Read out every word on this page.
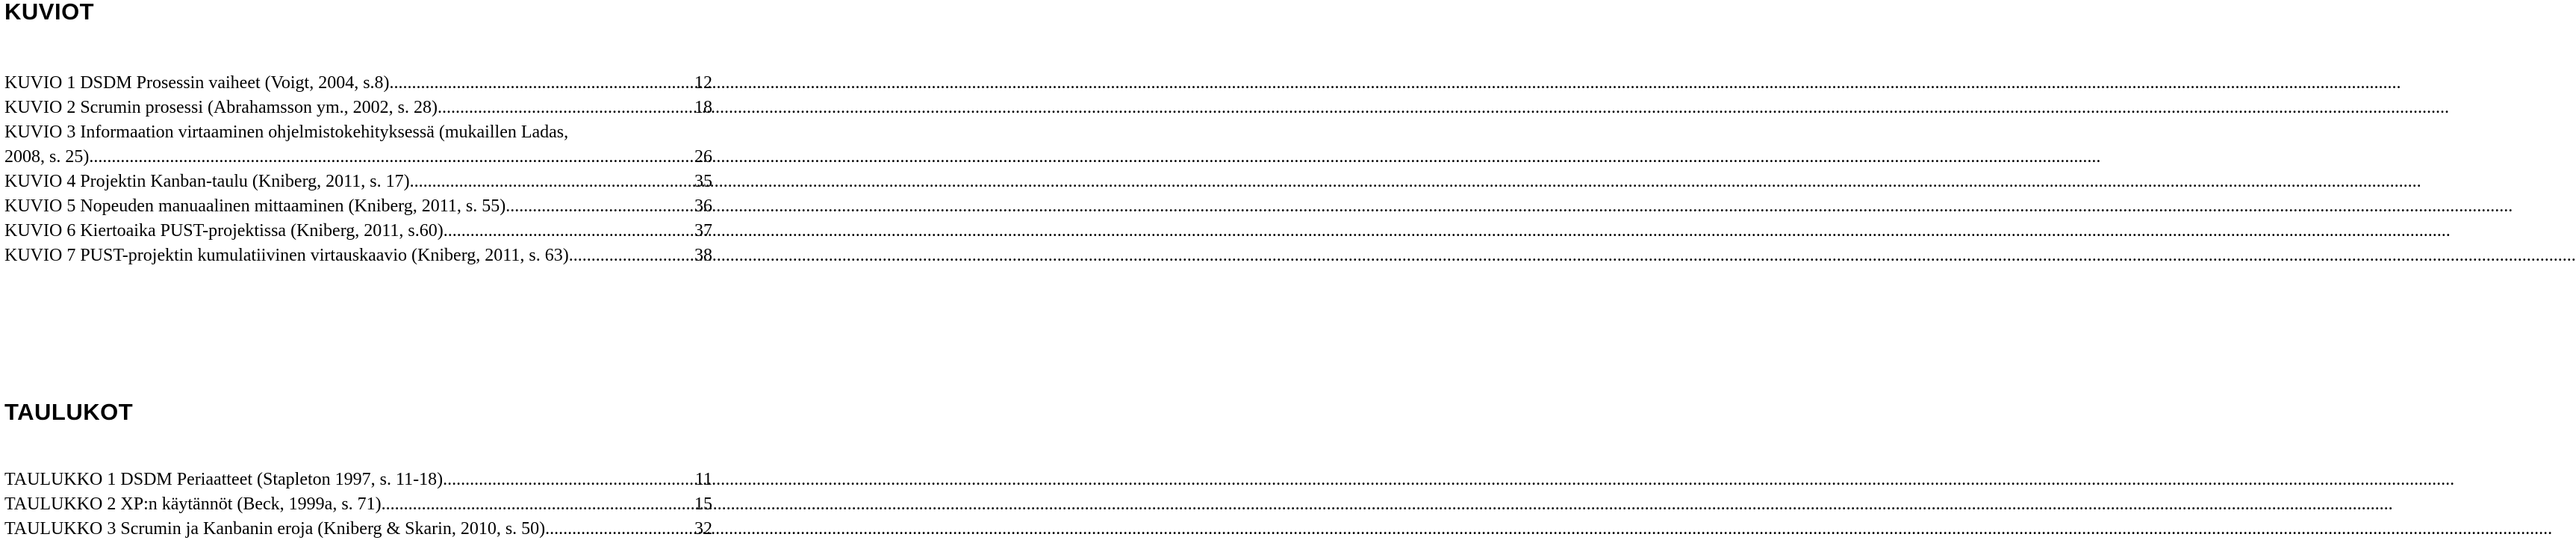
KUVIOT
KUVIO 1 DSDM Prosessin vaiheet (Voigt, 2004, s.8). .....	12
KUVIO 2 Scrumin prosessi (Abrahamsson ym., 2002, s. 28). .....	18
KUVIO 3 Informaation virtaaminen ohjelmistokehityksessä (mukaillen Ladas,
2008, s. 25). .....	26
KUVIO 4 Projektin Kanban-taulu (Kniberg, 2011, s. 17). .....	35
KUVIO 5 Nopeuden manuaalinen mittaaminen (Kniberg, 2011, s. 55) .....	36
KUVIO 6 Kiertoaika PUST-projektissa (Kniberg, 2011, s.60) .....	37
KUVIO 7 PUST-projektin kumulatiivinen virtauskaavio (Kniberg, 2011, s. 63) .....	38
TAULUKOT
TAULUKKO 1 DSDM Periaatteet (Stapleton 1997, s. 11-18). .....	11
TAULUKKO 2 XP:n käytännöt (Beck, 1999a, s. 71). .....	15
TAULUKKO 3 Scrumin ja Kanbanin eroja (Kniberg & Skarin, 2010, s. 50) .....	32
